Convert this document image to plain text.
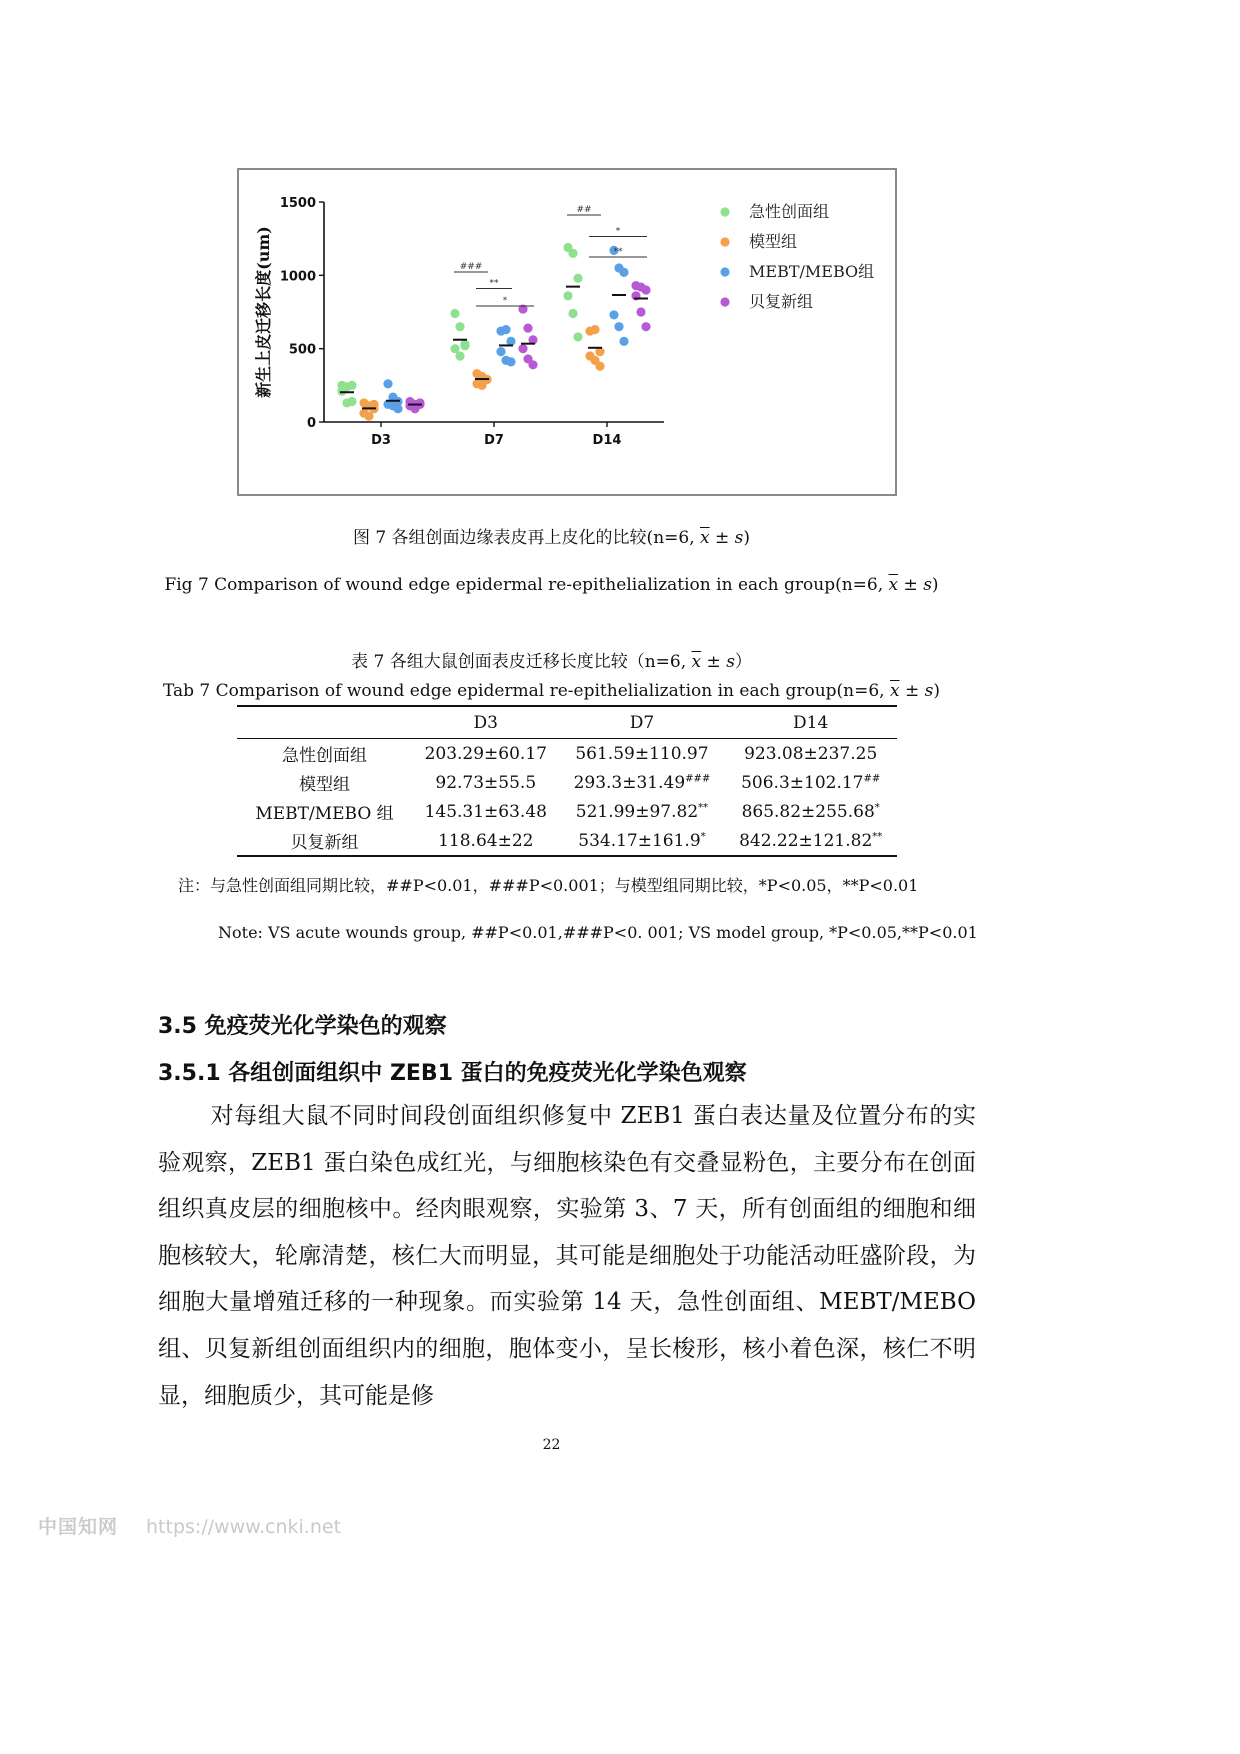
0
500
1000
1500
新生上皮迁移长度(um)
D3	D7	D14
###
**
*
##
*
**
急性创面组
模型组
MEBT/MEBO组
贝复新组
图 7 各组创面边缘表皮再上皮化的比较(n=6, $\overline{x} \pm s$)
Fig 7 Comparison of wound edge epidermal re-epithelialization in each group(n=6, $\overline{x} \pm s$)
表 7 各组大鼠创面表皮迁移长度比较（n=6, $\overline{x} \pm s$）
Tab 7 Comparison of wound edge epidermal re-epithelialization in each group(n=6, $\overline{x} \pm s$)
	D3	D7	D14
急性创面组	203.29±60.17	561.59±110.97	923.08±237.25
模型组	92.73±55.5	293.3±31.49###	506.3±102.17##
MEBT/MEBO 组	145.31±63.48	521.99±97.82**	865.82±255.68*
贝复新组	118.64±22	534.17±161.9*	842.22±121.82**
注：与急性创面组同期比较，##P<0.01，###P<0.001；与模型组同期比较，*P<0.05，**P<0.01
Note: VS acute wounds group, ##P<0.01,###P<0. 001; VS model group, *P<0.05,**P<0.01
3.5 免疫荧光化学染色的观察
3.5.1 各组创面组织中 ZEB1 蛋白的免疫荧光化学染色观察
对每组大鼠不同时间段创面组织修复中 ZEB1 蛋白表达量及位置分布的实验观察，ZEB1 蛋白染色成红光，与细胞核染色有交叠显粉色，主要分布在创面组织真皮层的细胞核中。经肉眼观察，实验第 3、7 天，所有创面组的细胞和细胞核较大，轮廓清楚，核仁大而明显，其可能是细胞处于功能活动旺盛阶段，为细胞大量增殖迁移的一种现象。而实验第 14 天，急性创面组、MEBT/MEBO 组、贝复新组创面组织内的细胞，胞体变小，呈长梭形，核小着色深，核仁不明显，细胞质少，其可能是修
22
中国知网 https://www.cnki.net
